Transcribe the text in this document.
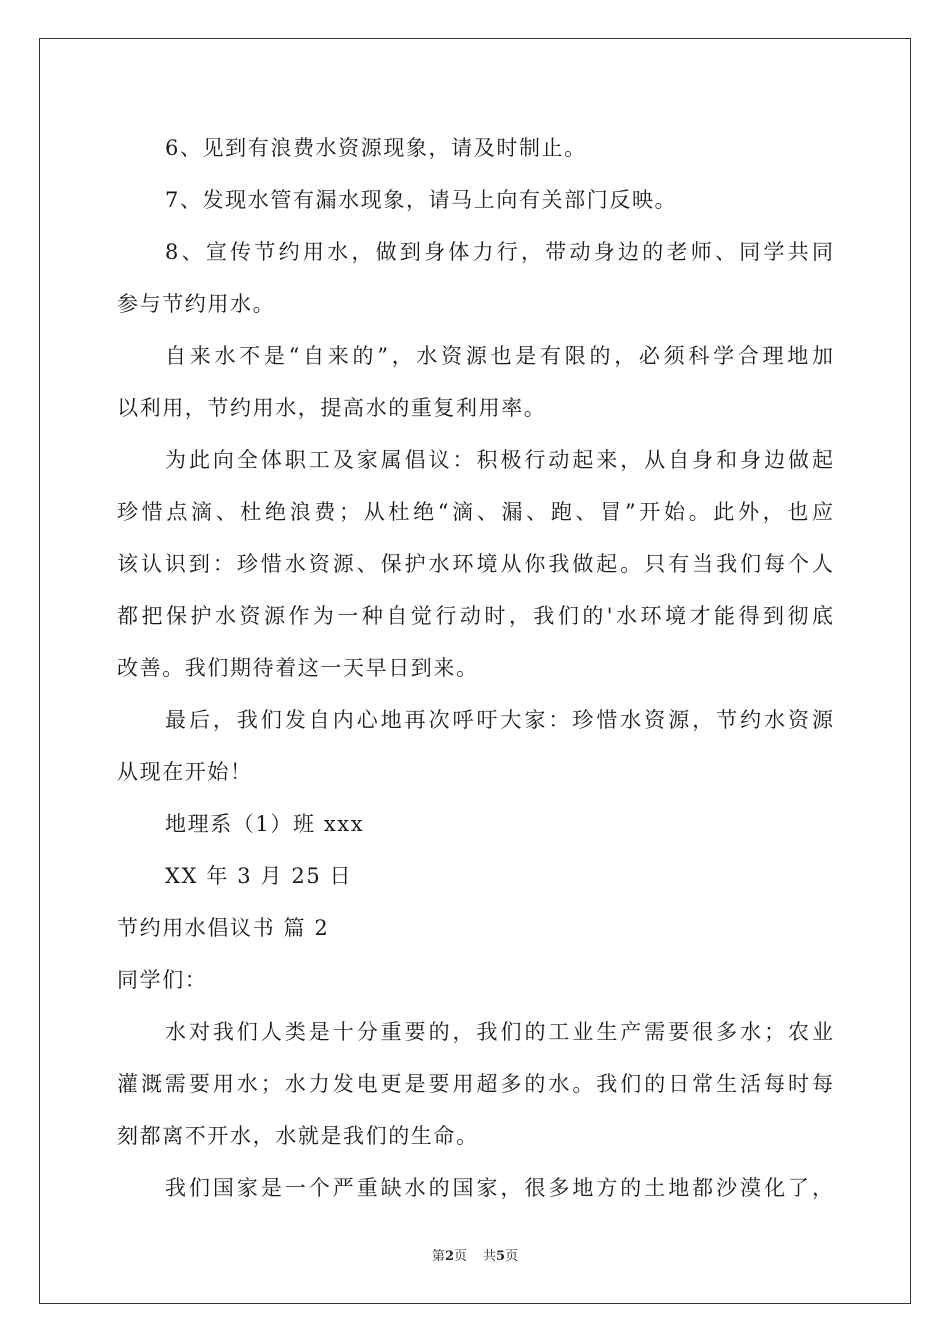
6、见到有浪费水资源现象，请及时制止。
7、发现水管有漏水现象，请马上向有关部门反映。
8、宣传节约用水，做到身体力行，带动身边的老师、同学共同
参与节约用水。
自来水不是“自来的”，水资源也是有限的，必须科学合理地加
以利用，节约用水，提高水的重复利用率。
为此向全体职工及家属倡议：积极行动起来，从自身和身边做起
珍惜点滴、杜绝浪费；从杜绝“滴、漏、跑、冒”开始。此外，也应
该认识到：珍惜水资源、保护水环境从你我做起。只有当我们每个人
都把保护水资源作为一种自觉行动时，我们的'水环境才能得到彻底
改善。我们期待着这一天早日到来。
最后，我们发自内心地再次呼吁大家：珍惜水资源，节约水资源
从现在开始！
地理系（1）班 xxx
XX 年 3 月 25 日
节约用水倡议书 篇 2
同学们：
水对我们人类是十分重要的，我们的工业生产需要很多水；农业
灌溉需要用水；水力发电更是要用超多的水。我们的日常生活每时每
刻都离不开水，水就是我们的生命。
我们国家是一个严重缺水的国家，很多地方的土地都沙漠化了，
第2页 共5页
